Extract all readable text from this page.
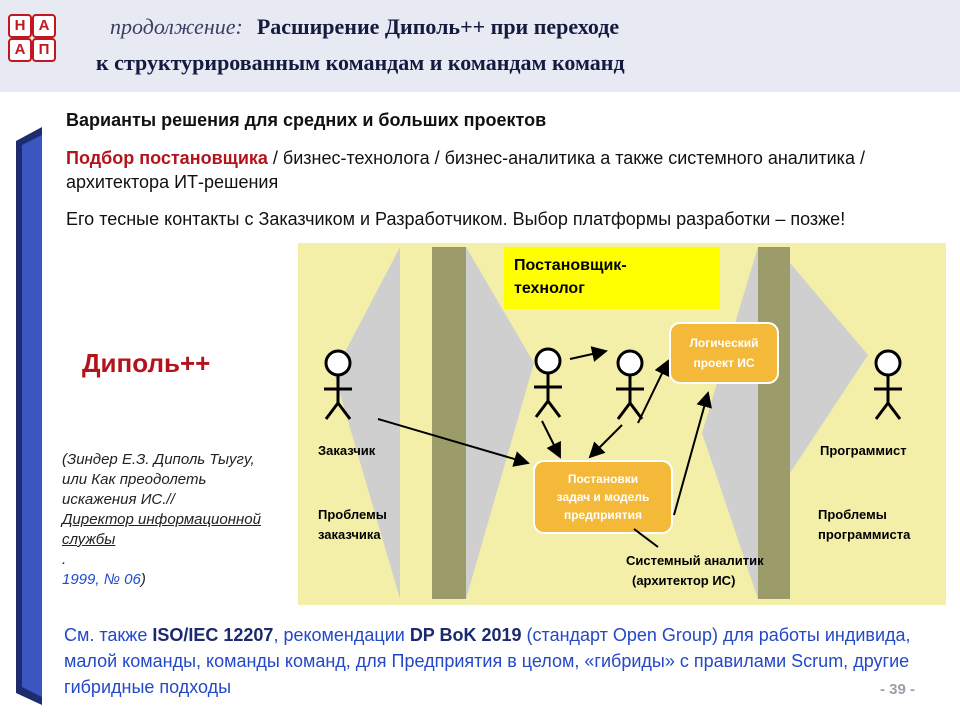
Н А
А П
продолжение: Расширение Диполь++ при переходе
к структурированным командам и командам команд
Варианты решения для средних и больших проектов
Подбор постановщика / бизнес-технолога / бизнес-аналитика а также системного аналитика / архитектора ИТ-решения
Его тесные контакты с Заказчиком и Разработчиком. Выбор платформы разработки – позже!
Постановщик-технолог
Логический проект ИС
Постановки задач и модель предприятия
Заказчик
Проблемы заказчика
Программист
Проблемы программиста
Системный аналитик (архитектор ИС)
Диполь++
(Зиндер Е.З. Диполь Тыугу, или Как преодолеть искажения ИС.//
Директор информационной службы
.
1999, № 06)
См. также ISO/IEC 12207, рекомендации DP BoK 2019 (стандарт Open Group) для работы индивида, малой команды, команды команд, для Предприятия в целом, «гибриды» с правилами Scrum, другие гибридные подходы	- 39 -
